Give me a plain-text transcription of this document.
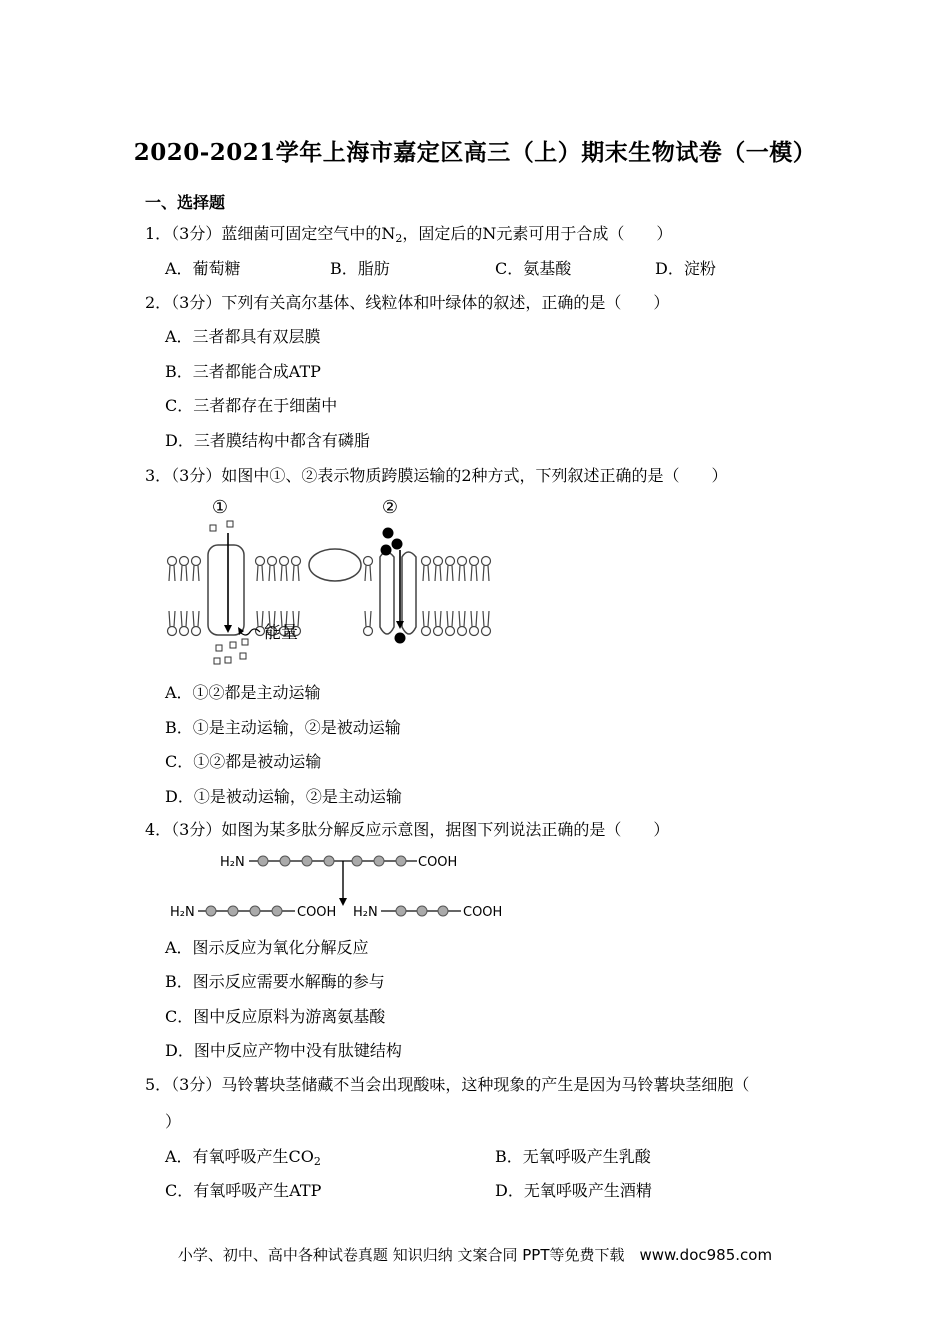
2020-2021学年上海市嘉定区高三（上）期末生物试卷（一模）
一、选择题
1．（3分）蓝细菌可固定空气中的$N_2$，固定后的N元素可用于合成（　　）
A．葡萄糖	B．脂肪	C．氨基酸	D．淀粉
2．（3分）下列有关高尔基体、线粒体和叶绿体的叙述，正确的是（　　）
A．三者都具有双层膜
B．三者都能合成ATP
C．三者都存在于细菌中
D．三者膜结构中都含有磷脂
3．（3分）如图中①、②表示物质跨膜运输的2种方式，下列叙述正确的是（　　）
①	②
能量
A．①②都是主动运输
B．①是主动运输，②是被动运输
C．①②都是被动运输
D．①是被动运输，②是主动运输
4．（3分）如图为某多肽分解反应示意图，据图下列说法正确的是（　　）
H₂N	COOH
H₂N	COOH H₂N	COOH
A．图示反应为氧化分解反应
B．图示反应需要水解酶的参与
C．图中反应原料为游离氨基酸
D．图中反应产物中没有肽键结构
5．（3分）马铃薯块茎储藏不当会出现酸味，这种现象的产生是因为马铃薯块茎细胞（
）
A．有氧呼吸产生$CO_2$	B．无氧呼吸产生乳酸
C．有氧呼吸产生ATP	D．无氧呼吸产生酒精
小学、初中、高中各种试卷真题 知识归纳 文案合同 PPT等免费下载　www.doc985.com
